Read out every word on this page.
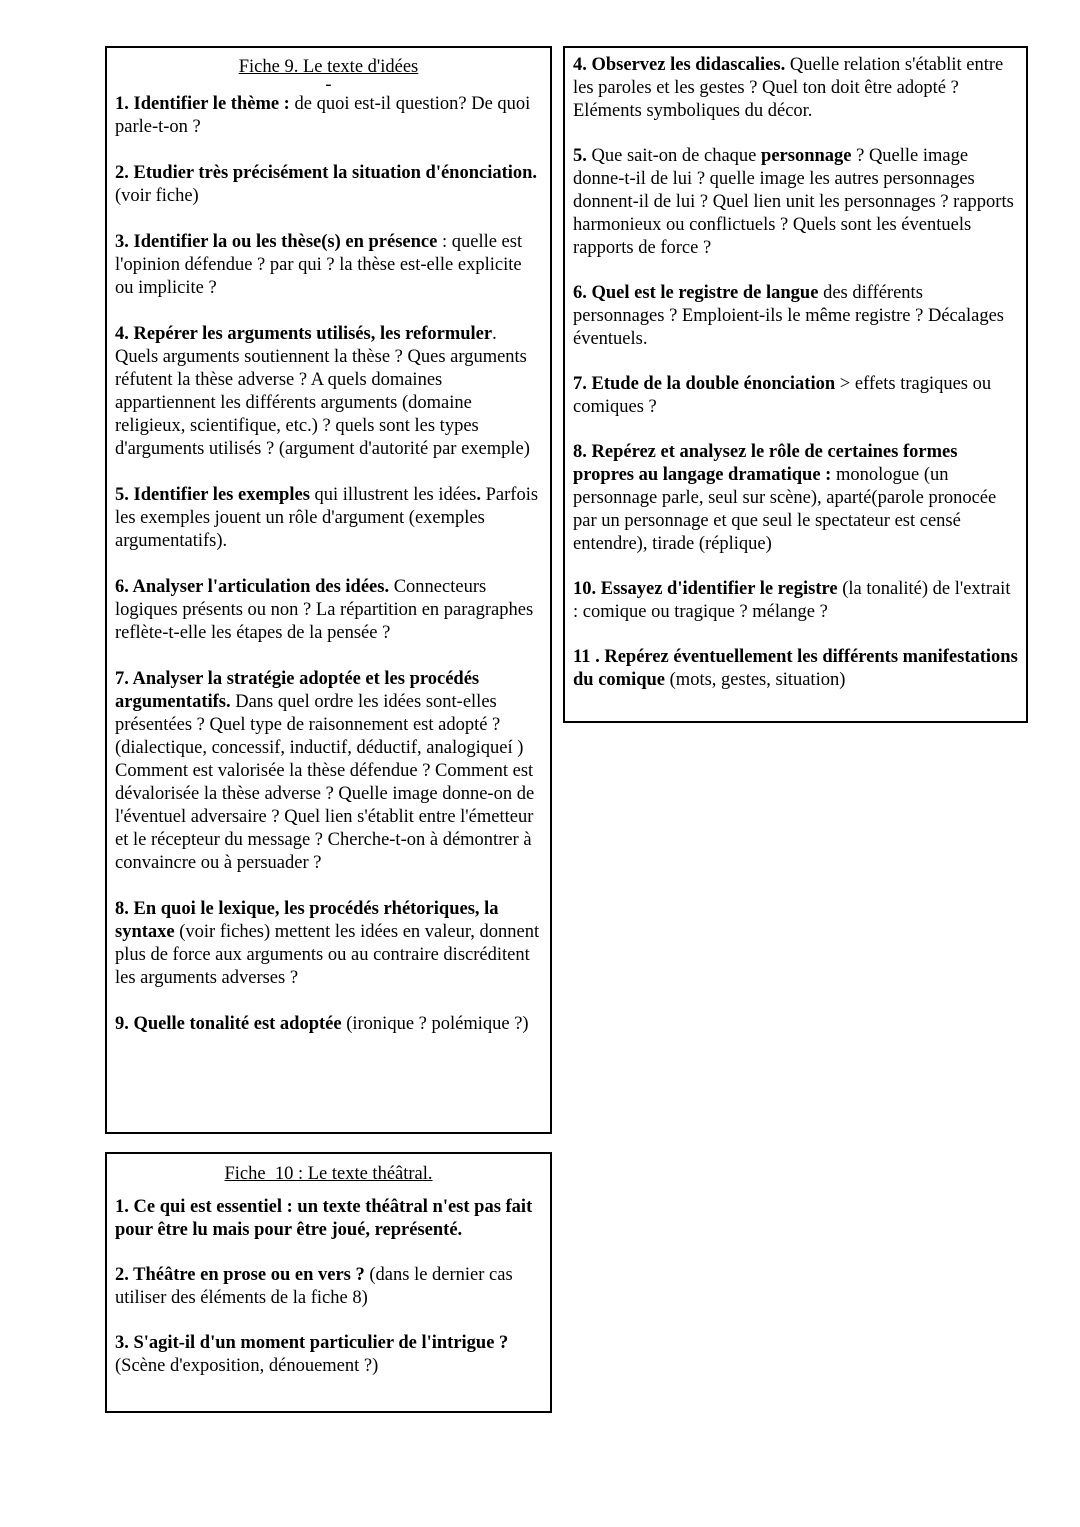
Fiche 9. Le texte d'idées
-

1. Identifier le thème : de quoi est-il question? De quoi parle-t-on ?

2. Etudier très précisément la situation d'énonciation. (voir fiche)

3. Identifier la ou les thèse(s) en présence : quelle est l'opinion défendue ? par qui ? la thèse est-elle explicite ou implicite ?

4. Repérer les arguments utilisés, les reformuler. Quels arguments soutiennent la thèse ? Ques arguments réfutent la thèse adverse ? A quels domaines appartiennent les différents arguments (domaine religieux, scientifique, etc.) ? quels sont les types d'arguments utilisés ? (argument d'autorité par exemple)

5. Identifier les exemples qui illustrent les idées. Parfois les exemples jouent un rôle d'argument (exemples argumentatifs).

6. Analyser l'articulation des idées. Connecteurs logiques présents ou non ? La répartition en paragraphes reflète-t-elle les étapes de la pensée ?

7. Analyser la stratégie adoptée et les procédés argumentatifs. Dans quel ordre les idées sont-elles présentées ? Quel type de raisonnement est adopté ? (dialectique, concessif, inductif, déductif, analogiqueí ) Comment est valorisée la thèse défendue ? Comment est dévalorisée la thèse adverse ? Quelle image donne-on de l'éventuel adversaire ? Quel lien s'établit entre l'émetteur et le récepteur du message ? Cherche-t-on à démontrer à convaincre ou à persuader ?

8. En quoi le lexique, les procédés rhétoriques, la syntaxe (voir fiches) mettent les idées en valeur, donnent plus de force aux arguments ou au contraire discréditent les arguments adverses ?

9. Quelle tonalité est adoptée (ironique ? polémique ?)

Fiche  10 : Le texte théâtral.

1. Ce qui est essentiel : un texte théâtral n'est pas fait pour être lu mais pour être joué, représenté.

2. Théâtre en prose ou en vers ? (dans le dernier cas utiliser des éléments de la fiche 8)

3. S'agit-il d'un moment particulier de l'intrigue ? (Scène d'exposition, dénouement ?)

4. Observez les didascalies. Quelle relation s'établit entre les paroles et les gestes ? Quel ton doit être adopté ? Eléments symboliques du décor.

5. Que sait-on de chaque personnage ? Quelle image donne-t-il de lui ? quelle image les autres personnages donnent-il de lui ? Quel lien unit les personnages ? rapports harmonieux ou conflictuels ? Quels sont les éventuels rapports de force ?

6. Quel est le registre de langue des différents personnages ? Emploient-ils le même registre ? Décalages éventuels.

7. Etude de la double énonciation > effets tragiques ou comiques ?

8. Repérez et analysez le rôle de certaines formes propres au langage dramatique : monologue (un personnage parle, seul sur scène), aparté(parole pronocée par un personnage et que seul le spectateur est censé entendre), tirade (réplique)

10. Essayez d'identifier le registre (la tonalité) de l'extrait : comique ou tragique ? mélange ?

11 . Repérez éventuellement les différents manifestations du comique (mots, gestes, situation)
